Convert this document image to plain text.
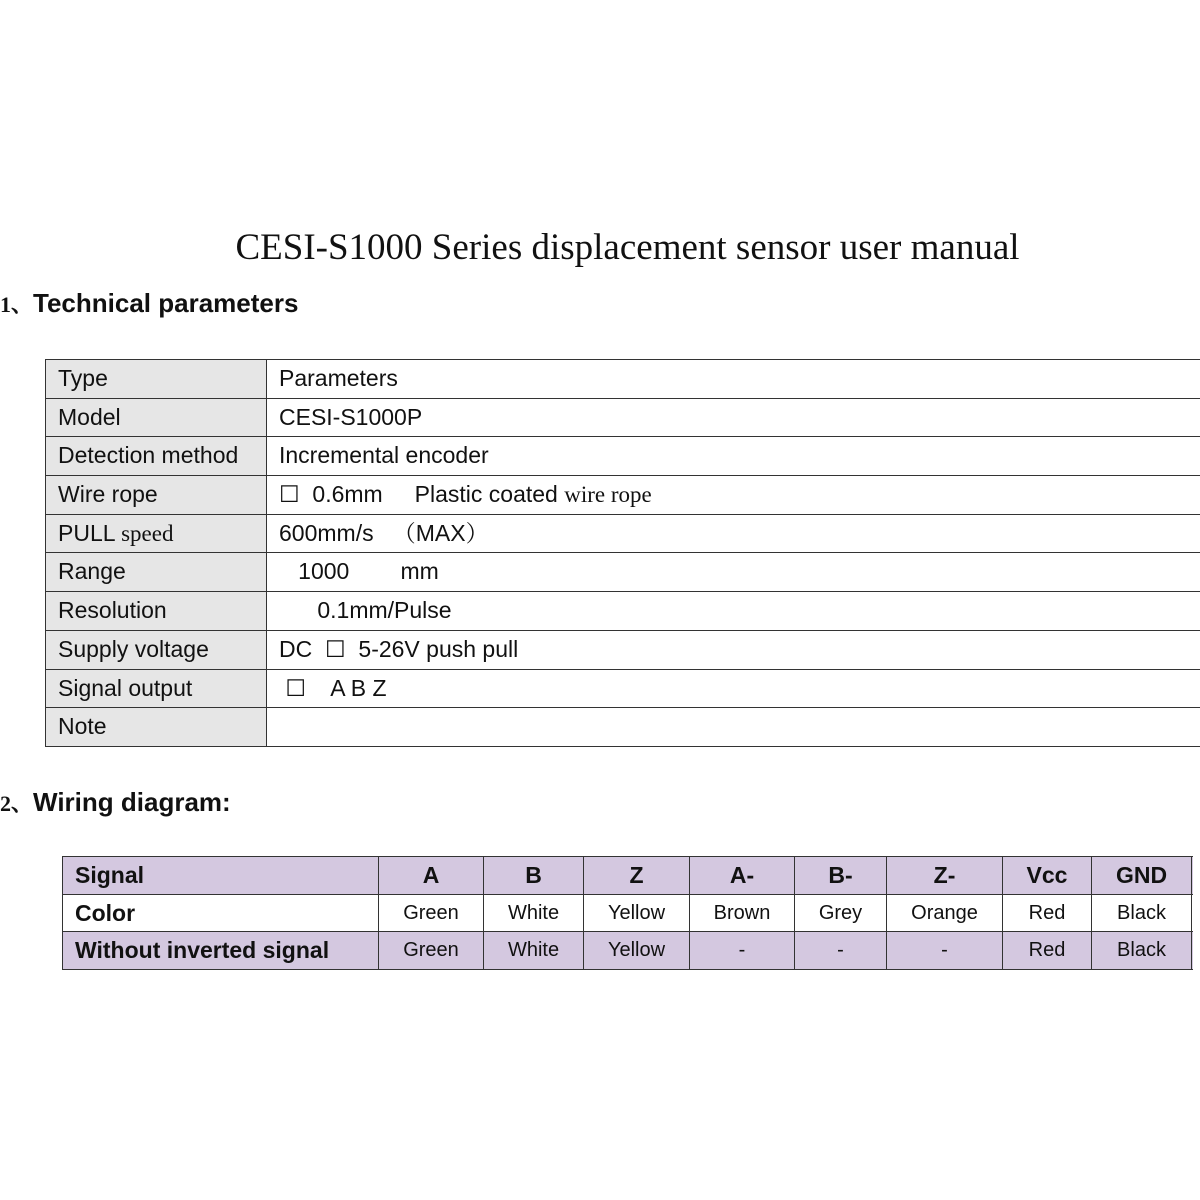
CESI-S1000 Series displacement sensor user manual
1、Technical parameters
Type	Parameters
Model	CESI-S1000P
Detection method	Incremental encoder
Wire rope	☐  0.6mm     Plastic coated wire rope
PULL speed	600mm/s   （MAX）
Range	1000        mm
Resolution	0.1mm/Pulse
Supply voltage	DC  ☐  5-26V push pull
Signal output	☐    A B Z
Note
2、Wiring diagram:
Signal	A	B	Z	A-	B-	Z-	Vcc	GND
Color	Green	White	Yellow	Brown	Grey	Orange	Red	Black
Without inverted signal	Green	White	Yellow	-	-	-	Red	Black
